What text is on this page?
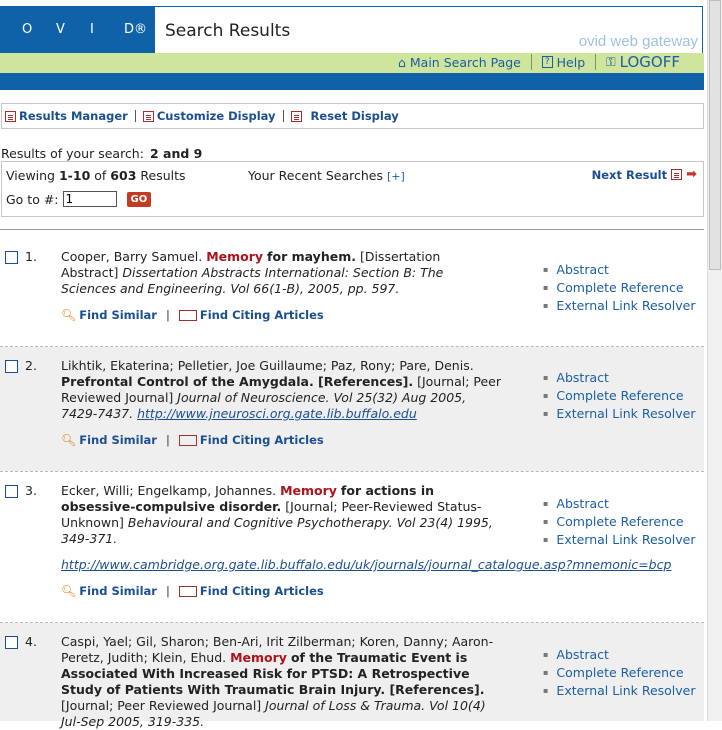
O	V	I	D®	Search Results
ovid web gateway
⌂ Main Search Page	? Help ⚿ LOGOFF
Results Manager	Customize Display	Reset Display
Results of your search: 2 and 9
Viewing 1-10 of 603 Results	Your Recent Searches [+]	Next Result ➡
Go to #:
1	GO
1. Cooper, Barry Samuel. Memory for mayhem. [Dissertation Abstract] Dissertation Abstracts International: Section B: The Sciences and Engineering. Vol 66(1-B), 2005, pp. 597.
🔍︎ Find Similar |	Find Citing Articles
▪ Abstract
▪ Complete Reference
▪ External Link Resolver
2. Likhtik, Ekaterina; Pelletier, Joe Guillaume; Paz, Rony; Pare, Denis. Prefrontal Control of the Amygdala. [References]. [Journal; Peer Reviewed Journal] Journal of Neuroscience. Vol 25(32) Aug 2005, 7429-7437. http://www.jneurosci.org.gate.lib.buffalo.edu
🔍︎ Find Similar |	Find Citing Articles
▪ Abstract
▪ Complete Reference
▪ External Link Resolver
3. Ecker, Willi; Engelkamp, Johannes. Memory for actions in obsessive-compulsive disorder. [Journal; Peer-Reviewed Status-Unknown] Behavioural and Cognitive Psychotherapy. Vol 23(4) 1995, 349-371.
http://www.cambridge.org.gate.lib.buffalo.edu/uk/journals/journal_catalogue.asp?mnemonic=bcp
🔍︎ Find Similar |	Find Citing Articles
▪ Abstract
▪ Complete Reference
▪ External Link Resolver
4. Caspi, Yael; Gil, Sharon; Ben-Ari, Irit Zilberman; Koren, Danny; Aaron-Peretz, Judith; Klein, Ehud. Memory of the Traumatic Event is Associated With Increased Risk for PTSD: A Retrospective Study of Patients With Traumatic Brain Injury. [References]. [Journal; Peer Reviewed Journal] Journal of Loss & Trauma. Vol 10(4) Jul-Sep 2005, 319-335.
▪ Abstract
▪ Complete Reference
▪ External Link Resolver
